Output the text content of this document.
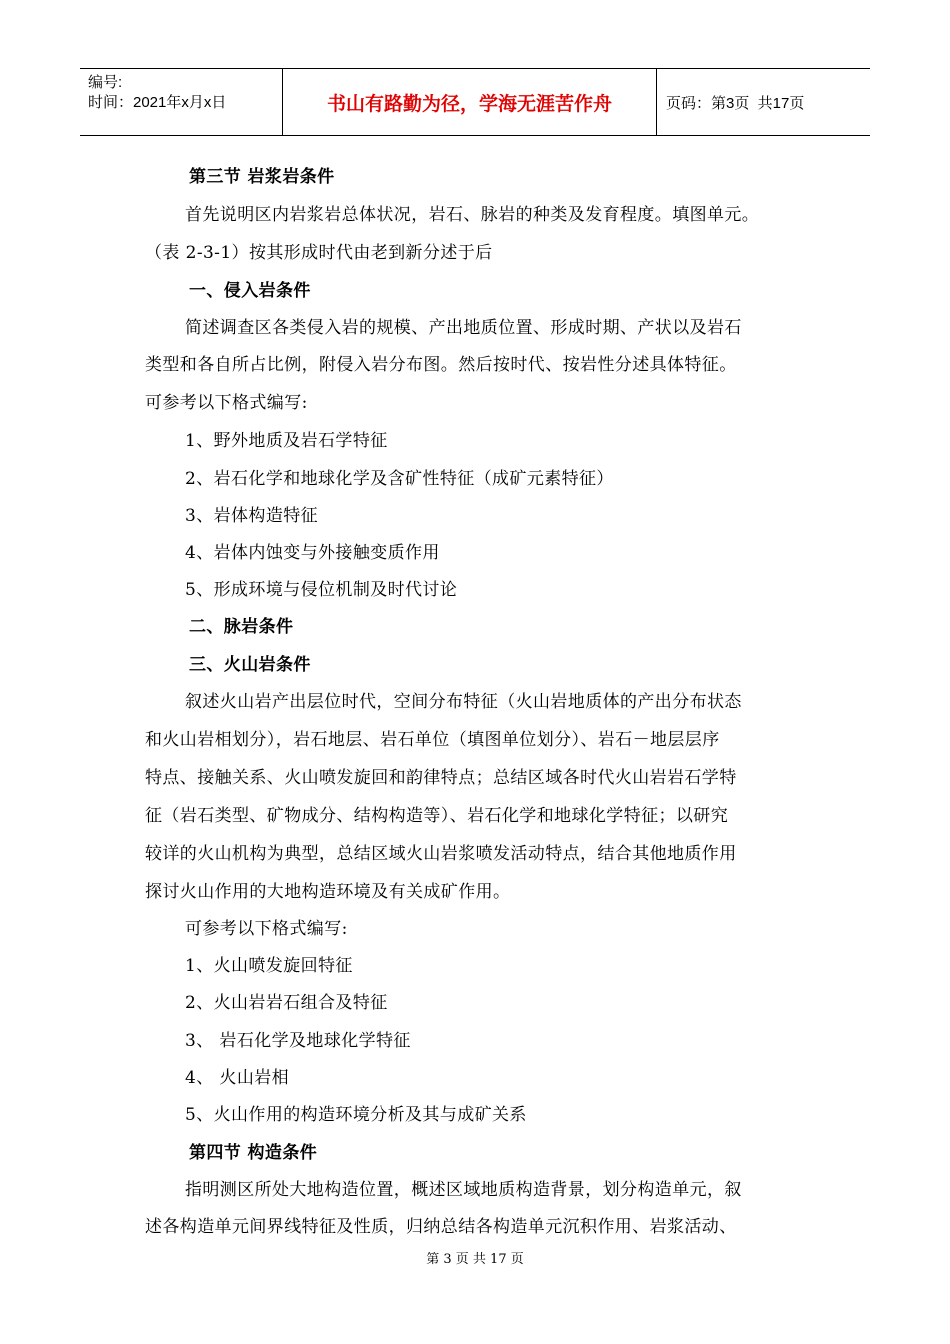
编号:
时间：2021年x月x日	书山有路勤为径，学海无涯苦作舟	页码：第3页  共17页
第三节 岩浆岩条件
首先说明区内岩浆岩总体状况，岩石、脉岩的种类及发育程度。填图单元。
（表 2-3-1）按其形成时代由老到新分述于后
一、侵入岩条件
简述调查区各类侵入岩的规模、产出地质位置、形成时期、产状以及岩石
类型和各自所占比例，附侵入岩分布图。然后按时代、按岩性分述具体特征。
可参考以下格式编写:
1、野外地质及岩石学特征
2、岩石化学和地球化学及含矿性特征（成矿元素特征）
3、岩体构造特征
4、岩体内蚀变与外接触变质作用
5、形成环境与侵位机制及时代讨论
二、脉岩条件
三、火山岩条件
叙述火山岩产出层位时代，空间分布特征（火山岩地质体的产出分布状态
和火山岩相划分），岩石地层、岩石单位（填图单位划分）、岩石－地层层序
特点、接触关系、火山喷发旋回和韵律特点；总结区域各时代火山岩岩石学特
征（岩石类型、矿物成分、结构构造等）、岩石化学和地球化学特征；以研究
较详的火山机构为典型，总结区域火山岩浆喷发活动特点，结合其他地质作用
探讨火山作用的大地构造环境及有关成矿作用。
可参考以下格式编写:
1、火山喷发旋回特征
2、火山岩岩石组合及特征
3、 岩石化学及地球化学特征
4、 火山岩相
5、火山作用的构造环境分析及其与成矿关系
第四节 构造条件
指明测区所处大地构造位置，概述区域地质构造背景，划分构造单元，叙
述各构造单元间界线特征及性质，归纳总结各构造单元沉积作用、岩浆活动、
第 3 页 共 17 页
